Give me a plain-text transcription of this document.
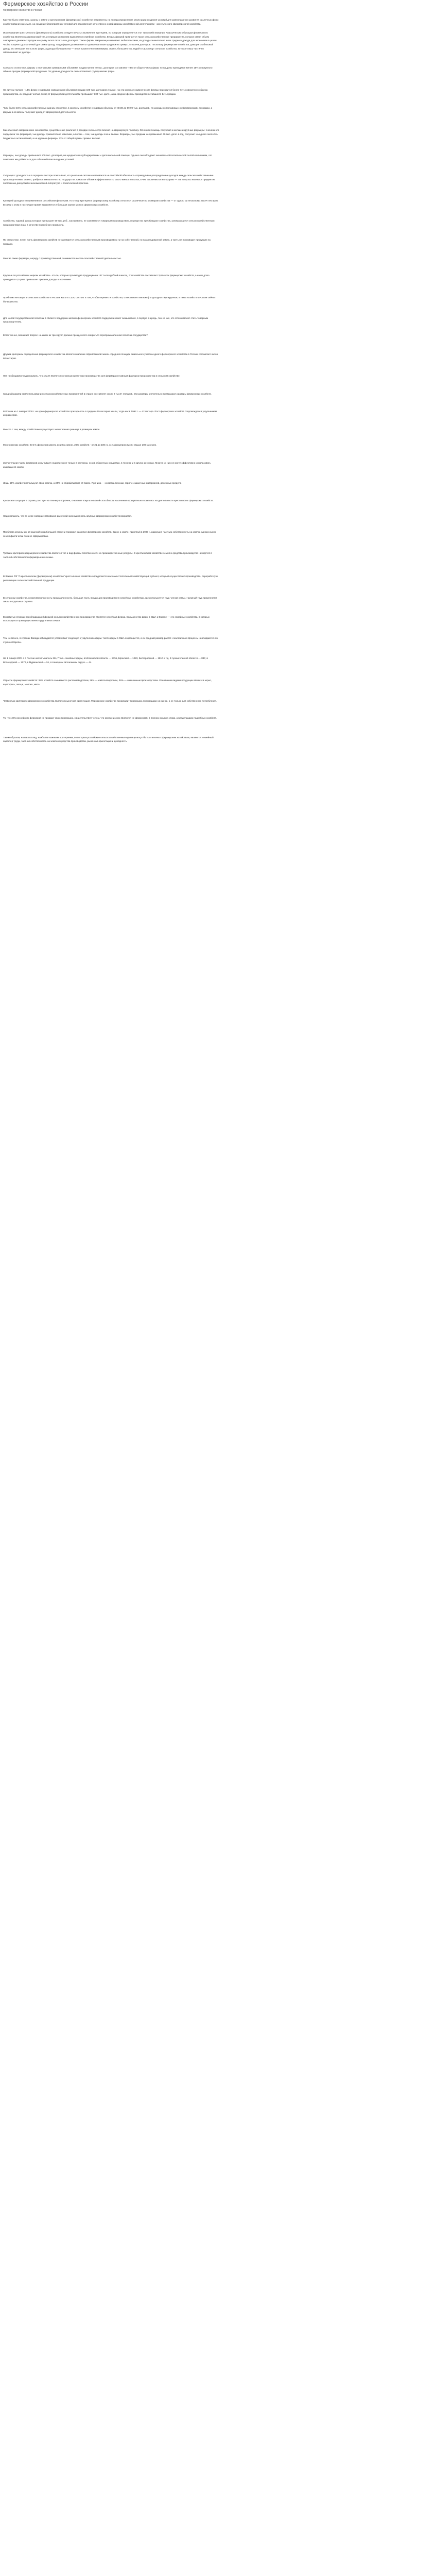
Фермерское хозяйство в России
Фермерское хозяйство в России
Как уже было отмечено, законы о земле и крестьянском (фермерском) хозяйстве направлены на перераспределение земли ради создания условий для равноправного развития различных форм хозяйствования на земле, на создание благоприятных условий для становления качественно новой формы хозяйственной деятельности - крестьянского (фермерского) хозяйства.
Исследование крестьянского (фермерского) хозяйства следует начать с выявления критериев, по которым определяется этот тип хозяйствования. Классическим образцом фермерского хозяйства является американский тип, и первым критерием выделяется семейное хозяйство. В США фермой признается такое сельскохозяйственное предприятие, которое имеет объем совокупных денежных продаж на сумму около пяти тысяч долларов. Такое фермы американцы называют любительскими, их доходы значительно ниже среднего дохода для экономики в целом. Чтобы получить достаточный для семьи доход, тогда ферма должна иметь годовые валовые продажи на сумму 1,5 тысячи долларов. Поскольку фермерские хозяйства, дающие стабильный доход, это меньшая часть всех ферм, а доходы большинства — ниже прожиточного минимума, значит, большинство людей в США ведут сельское хозяйство, которое лишь частично обеспечивает их доходы.
Согласно статистике, фермы с ежегодными суммарными объемами продаж менее 40 тыс. долларов составляют 73% от общего числа ферм, но на долю приходится менее 15% совокупного объема продаж фермерской продукции. По уровню доходности они составляют группу мелких ферм.
На другом полюсе - 14% ферм с годовыми суммарными объемами продаж 100 тыс. долларов и выше. На эти крупные коммерческие фермы приходится более 71% совокупного объема производства, их средний чистый доход от фермерской деятельности превышает 300 тыс. долл., а на средние фермы приходится оставшиеся 14% продаж.
Чуть более 15% сельскохозяйственных единиц относятся, в среднем хозяйстве с годовым объемом от 40,00 до 99,99 тыс. долларов. Их доходы сопоставимы с нефермерскими доходами, а фермы в основном получают доход от фермерской деятельности.
Как отмечают американские экономисты, существенные различия в доходах очень остро влияют на фермерскую политику. Основная помощь получают и мелкие и крупные фермеры: сначала это поддержка тех фермеров, чьи доходы сравнительно невелики, а потом — тем, чьи доходы очень велики. Фермеры, чьи продажи не превышают 40 тыс. долл. в год, получают на одного около 5% бюджетных ассигнований, а на крупные фермеры 77% от общей суммы прямых выплат.
Фермеры, чьи доходы превышают 100 тыс. долларов, не нуждаются в субсидировании и дополнительной помощи. Однако они обладают значительной политической силой и влиянием, что позволяет им добиваться для себя наиболее выгодных условий.
Ситуация с доходностью в аграрном секторе показывает, что рыночная система оказывается не способной обеспечить справедливое распределение доходов между сельскохозяйственными производителями. Значит, требуется вмешательство государства. Каков же объем и эффективность такого вмешательства, в чем заключаются его формы — эти вопросы являются предметом постоянных дискуссий в экономической литературе и политической практике.
Критерий доходности применим и к российским фермерам. По этому критерию к фермерскому хозяйству относятся различные по размерам хозяйства — от одного до нескольких тысяч гектаров. В связи с этим в настоящее время выделяется и большая группа мелких фермерских хозяйств.
Хозяйства, годовой доход которых превышает 50 тыс. руб., как правило, не занимаются товарным производством, и среди них преобладают хозяйства, занимающиеся сельскохозяйственным производством лишь в качестве подсобного промысла.
По статистике, почти треть фермерских хозяйств не занимается сельскохозяйственным производством ни на собственной, ни на арендованной земле, а треть не производит продукции на продажу.
Многие такие фермеры, наряду с производственной, занимаются несельскохозяйственной деятельностью.
Крупные по российским меркам хозяйства - это те, которые производят продукцию на 157 тысяч рублей в месяц. Эти хозяйства составляют 3,6% всех фермерских хозяйств, а на их долю приходится 4,5 раза превышает средние доходы в экономике.
Проблема нетовара в сельском хозяйстве в России, как и в США, состоит в том, чтобы перевести хозяйства, отнесенные к мелким (по доходности) в крупные, а таких хозяйств в России сейчас большинство.
Для целей государственной политики в области поддержки мелких фермерских хозяйств поддержка может оказываться, в первую очередь, тем из них, кто готов и может стать товарным производителем.
Естественно, возникает вопрос: на каких из трех групп должна прежде всего опираться агропромышленная политика государства?
Другим критерием определения фермерского хозяйства является наличие обработанной земли. Средняя площадь земельного участка одного фермерского хозяйства в России составляет около 60 гектаров.
Нет необходимости доказывать, что земля является основным средством производства для фермера и главным фактором производства в сельском хозяйстве.
Средний размер землепользования сельскохозяйственных предприятий в стране составляет около 2 тысяч гектаров. Эти размеры значительно превышают размеры фермерских хозяйств.
В России на 1 января 2000 г. на одно фермерское хозяйство приходилось в среднем 55 гектаров земли, тогда как в 1992 г. — 42 гектара. Рост фермерских хозяйств сопровождался укрупнением их размеров.
Вместе с тем, между хозяйствами существует значительная разница в размерах земли.
Много мелких хозяйств: 67,1% фермеров имели до 20 га земли, 26% хозяйств - от 21 до 100 га, 11% фермеров имели свыше 100 га земли.
Значительная часть фермеров испытывает недостаток не только в ресурсах, но и в оборотных средствах, в технике и в других ресурсах. Многие из них не могут эффективно использовать имеющиеся земли.
Лишь 55% хозяйств используют свою землю, а 24% не обрабатывают её вовсе. Причина — нехватка техники, горюче-смазочных материалов, денежных средств.
Кризисная ситуация в стране, рост цен на технику и горючее, снижение покупательской способности населения отрицательно сказались на деятельности крестьянских фермерских хозяйств.
Надо полагать, что по мере совершенствования рыночной экономики роль крупных фермерских хозяйств возрастет.
Проблема земельных отношений в наибольшей степени тормозит развитие фермерских хозяйств. Закон о земле, принятый в 1990 г., разрешил частную собственность на землю, однако рынок земли фактически пока не сформирован.
Третьим критерием фермерского хозяйства является тип и вид формы собственности на производственные ресурсы. В крестьянском хозяйстве земля и средства производства находятся в частной собственности фермера и его семьи.
В Законе РФ "О крестьянском (фермерском) хозяйстве" крестьянское хозяйство определяется как самостоятельный хозяйствующий субъект, который осуществляет производство, переработку и реализацию сельскохозяйственной продукции.
В сельском хозяйстве, в противоположность промышленности, большая часть продукции производится в семейных хозяйствах, где используется труд членов семьи. Наемный труд применяется лишь в отдельных случаях.
В развитых странах преобладающей формой сельскохозяйственного производства является семейная ферма. Большинство ферм в США и Европе — это семейные хозяйства, в которых используется преимущественно труд членов семьи.
Тем не менее, в странах Запада наблюдается устойчивая тенденция к укрупнению ферм. Число ферм в США сокращается, а их средний размер растет. Аналогичные процессы наблюдаются и в странах Европы.
На 1 января 2001 г. в России насчитывалось 261,7 тыс. семейных ферм, в Московской области — 2751, Брянской — 1023, Белгородской — 1810 и т.д. В Архангельской области — 887, в Вологодской — 1072, в Мурманской — 51, в Ненецком автономном округе — 44.
Отрасли фермерских хозяйств: 38% хозяйств занимаются растениеводством, 26% — животноводством, 36% — смешанным производством. Основными видами продукции являются зерно, картофель, овощи, молоко, мясо.
Четвертым критерием фермерского хозяйства является рыночная ориентация. Фермерское хозяйство производит продукцию для продажи на рынке, а не только для собственного потребления.
То, что 40% российских фермеров не продают свою продукцию, свидетельствует о том, что многие из них являются не фермерами в полном смысле слова, а владельцами подсобных хозяйств.
Таким образом, на наш взгляд, наиболее важными критериями, по которым российские сельскохозяйственные единицы могут быть отнесены к фермерским хозяйствам, являются: семейный характер труда, частная собственность на землю и средства производства, рыночная ориентация и доходность.
